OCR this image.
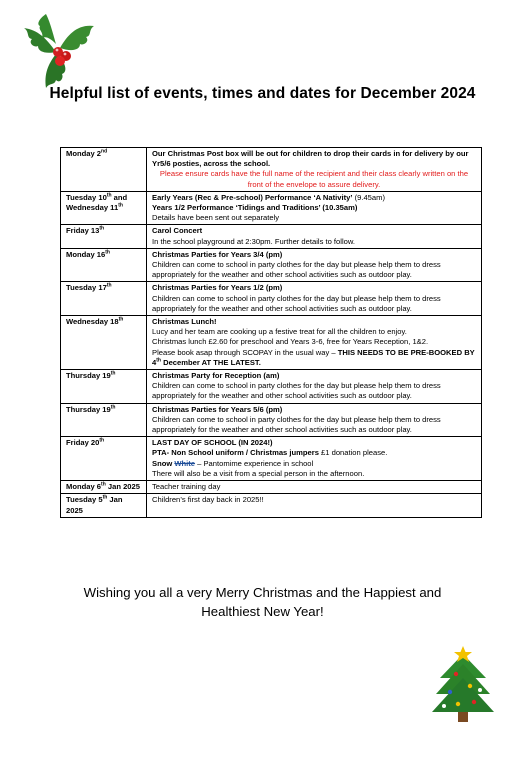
Helpful list of events, times and dates for December 2024
Monday 2nd	Our Christmas Post box will be out for children to drop their cards in for delivery by our Yr5/6 posties, across the school.
Please ensure cards have the full name of the recipient and their class clearly written on the front of the envelope to assure delivery.

Tuesday 10th and Wednesday 11th	Early Years (Rec & Pre-school) Performance ‘A Nativity’ (9.45am)
Years 1/2 Performance ‘Tidings and Traditions’ (10.35am)
Details have been sent out separately

Friday 13th	Carol Concert
In the school playground at 2:30pm. Further details to follow.

Monday 16th	Christmas Parties for Years 3/4 (pm)
Children can come to school in party clothes for the day but please help them to dress appropriately for the weather and other school activities such as outdoor play.

Tuesday 17th	Christmas Parties for Years 1/2 (pm)
Children can come to school in party clothes for the day but please help them to dress appropriately for the weather and other school activities such as outdoor play.

Wednesday 18th	Christmas Lunch!
Lucy and her team are cooking up a festive treat for all the children to enjoy.
Christmas lunch £2.60 for preschool and Years 3-6, free for Years Reception, 1&2.
Please book asap through SCOPAY in the usual way – THIS NEEDS TO BE PRE-BOOKED BY 4th December AT THE LATEST.

Thursday 19th	Christmas Party for Reception (am)
Children can come to school in party clothes for the day but please help them to dress appropriately for the weather and other school activities such as outdoor play.

Thursday 19th	Christmas Parties for Years 5/6 (pm)
Children can come to school in party clothes for the day but please help them to dress appropriately for the weather and other school activities such as outdoor play.

Friday 20th	LAST DAY OF SCHOOL (IN 2024!)
PTA- Non School uniform / Christmas jumpers £1 donation please.
Snow White – Pantomime experience in school
There will also be a visit from a special person in the afternoon.

Monday 6th Jan 2025	Teacher training day

Tuesday 5th Jan 2025	Children’s first day back in 2025!!
Wishing you all a very Merry Christmas and the Happiest and Healthiest New Year!
